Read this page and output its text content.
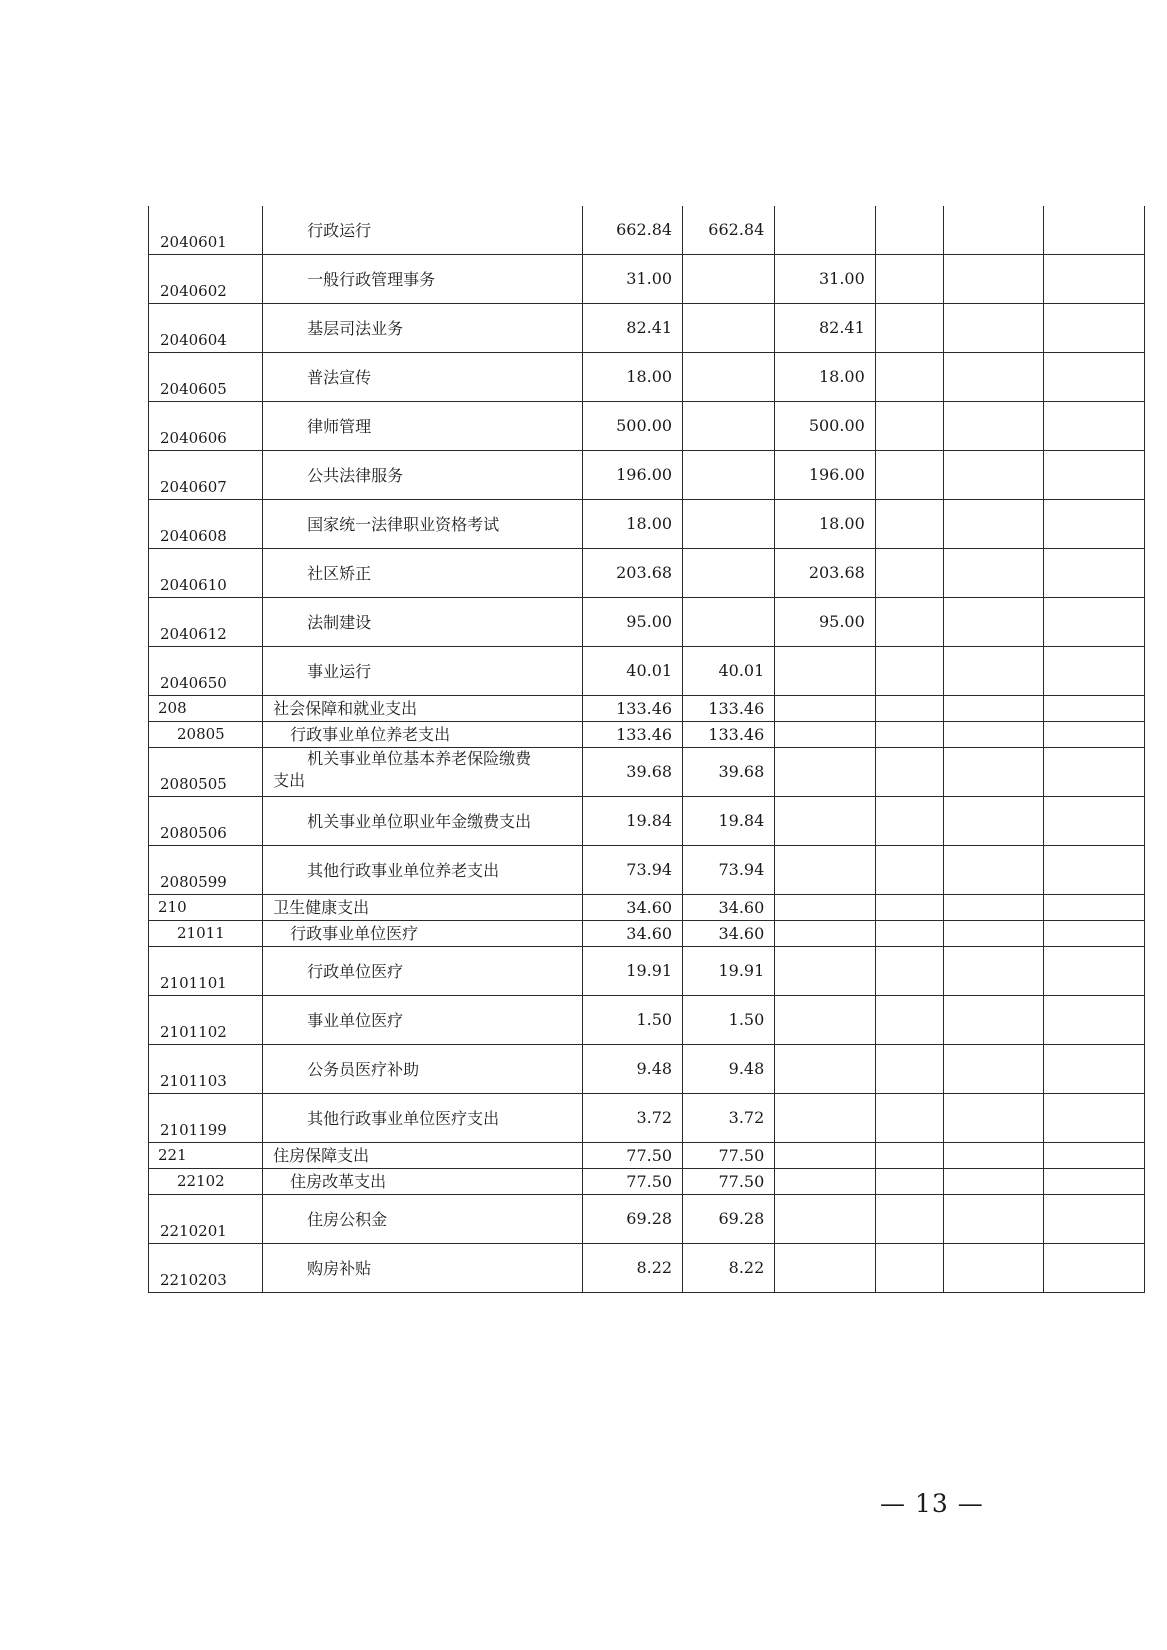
2040601	行政运行	662.84	662.84				

2040602	一般行政管理事务	31.00		31.00			

2040604	基层司法业务	82.41		82.41			

2040605	普法宣传	18.00		18.00			

2040606	律师管理	500.00		500.00			

2040607	公共法律服务	196.00		196.00			

2040608	国家统一法律职业资格考试	18.00		18.00			

2040610	社区矫正	203.68		203.68			

2040612	法制建设	95.00		95.00			

2040650	事业运行	40.01	40.01				

208	社会保障和就业支出	133.46	133.46				

20805	行政事业单位养老支出	133.46	133.46				

2080505	机关事业单位基本养老保险缴费
支出	39.68	39.68				

2080506	机关事业单位职业年金缴费支出	19.84	19.84				

2080599	其他行政事业单位养老支出	73.94	73.94				

210	卫生健康支出	34.60	34.60				

21011	行政事业单位医疗	34.60	34.60				

2101101	行政单位医疗	19.91	19.91				

2101102	事业单位医疗	1.50	1.50				

2101103	公务员医疗补助	9.48	9.48				

2101199	其他行政事业单位医疗支出	3.72	3.72				

221	住房保障支出	77.50	77.50				

22102	住房改革支出	77.50	77.50				

2210201	住房公积金	69.28	69.28				

2210203	购房补贴	8.22	8.22				
— 13 —
